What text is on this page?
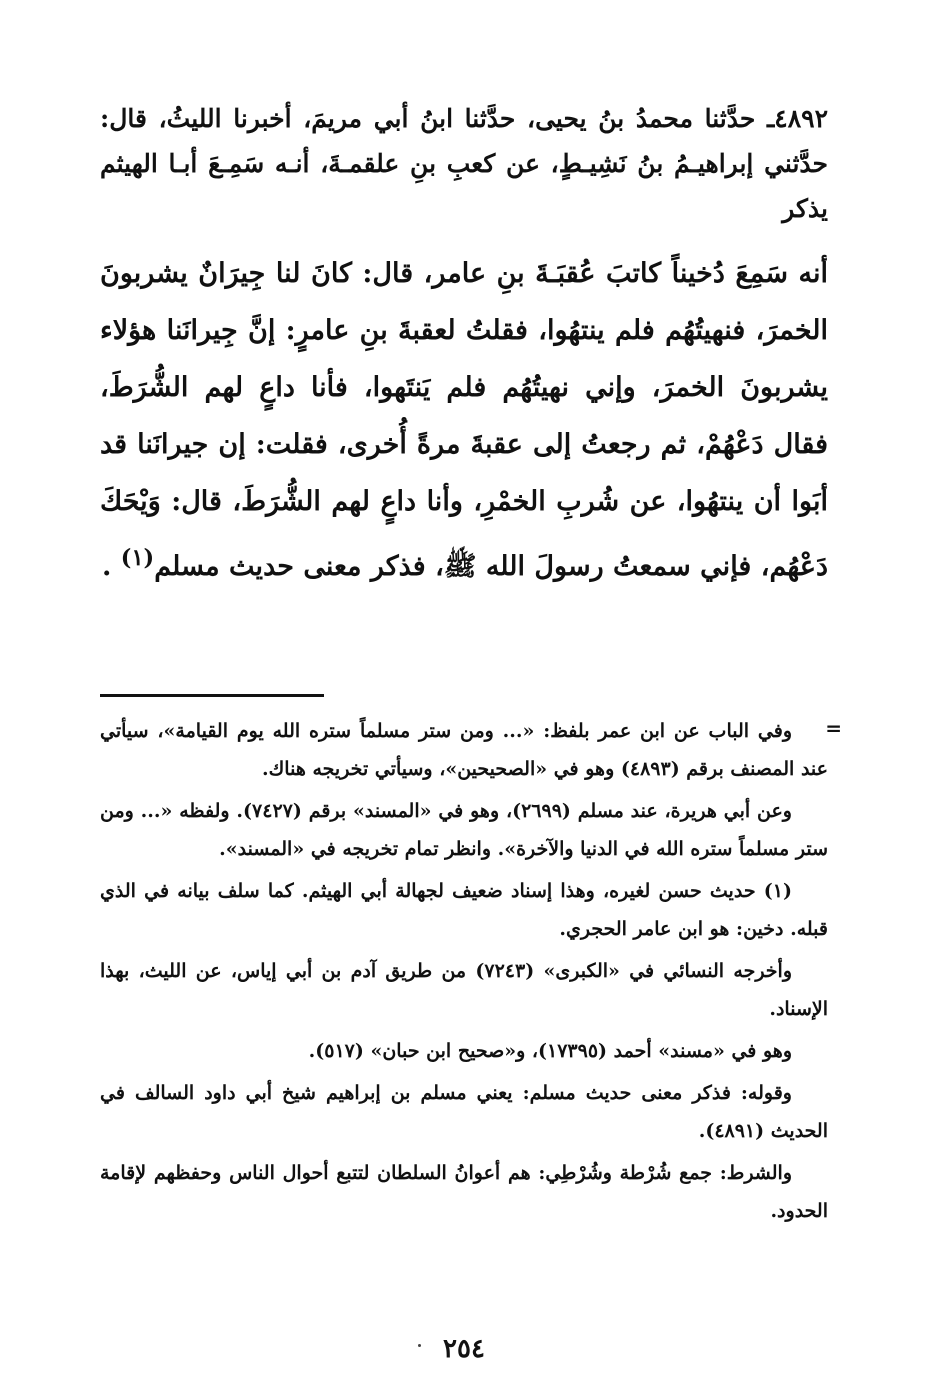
٤٨٩٢ـ حدَّثنا محمدُ بنُ يحيى، حدَّثنا ابنُ أبي مريمَ، أخبرنا الليثُ، قال: حدَّثني إبراهيـمُ بنُ نَشِيـطٍ، عن كعبِ بنِ علقمـةَ، أنـه سَمِـعَ أبـا الهيثم يذكر

أنه سَمِعَ دُخيناً كاتبَ عُقبَـةَ بنِ عامر، قال: كانَ لنا جِيرَانٌ يشربونَ الخمرَ، فنهيتُهُم فلم ينتهُوا، فقلتُ لعقبةَ بنِ عامرٍ: إنَّ جِيرانَنا هؤلاء يشربونَ الخمرَ، وإني نهيتُهُم فلم يَنتَهوا، فأنا داعٍ لهم الشُّرَطَ، فقال دَعْهُمْ، ثم رجعتُ إلى عقبةَ مرةً أُخرى، فقلت: إن جيرانَنا قد أبَوا أن ينتهُوا، عن شُربِ الخمْرِ، وأنا داعٍ لهم الشُّرَطَ، قال: وَيْحَكَ دَعْهُم، فإني سمعتُ رسولَ الله ﷺ، فذكر معنى حديث مسلم$^{(١)}$ .

=

وفي الباب عن ابن عمر بلفظ: «... ومن ستر مسلماً ستره الله يوم القيامة»، سيأتي عند المصنف برقم (٤٨٩٣) وهو في «الصحيحين»، وسيأتي تخريجه هناك.

وعن أبي هريرة، عند مسلم (٢٦٩٩)، وهو في «المسند» برقم (٧٤٢٧). ولفظه «... ومن ستر مسلماً ستره الله في الدنيا والآخرة». وانظر تمام تخريجه في «المسند».

(١) حديث حسن لغيره، وهذا إسناد ضعيف لجهالة أبي الهيثم. كما سلف بيانه في الذي قبله. دخين: هو ابن عامر الحجري.

وأخرجه النسائي في «الكبرى» (٧٢٤٣) من طريق آدم بن أبي إياس، عن الليث، بهذا الإسناد.

وهو في «مسند» أحمد (١٧٣٩٥)، و«صحيح ابن حبان» (٥١٧).

وقوله: فذكر معنى حديث مسلم: يعني مسلم بن إبراهيم شيخ أبي داود السالف في الحديث (٤٨٩١).

والشرط: جمع شُرْطة وشُرْطِي: هم أعوانُ السلطان لتتبع أحوال الناس وحفظهم لإقامة الحدود.

٢٥٤
